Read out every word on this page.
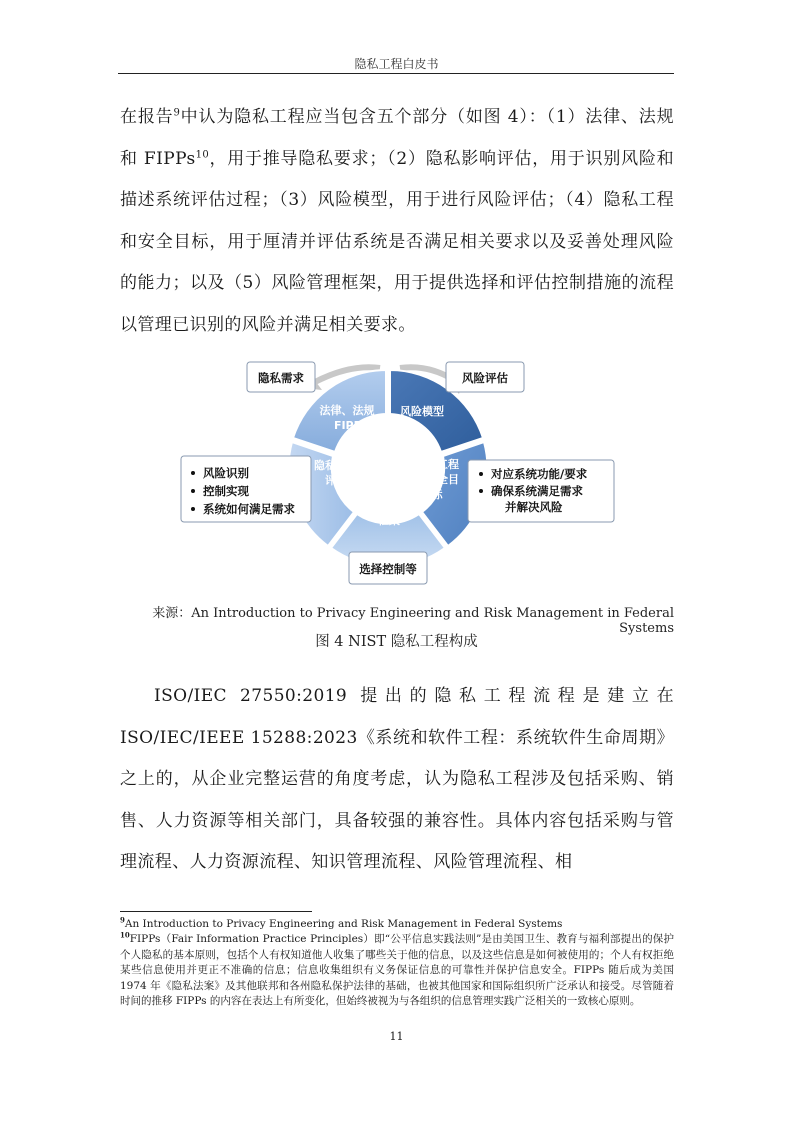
隐私工程白皮书

在报告$^9$中认为隐私工程应当包含五个部分（如图 4）：（1）法律、法规和 FIPPs$^{10}$，用于推导隐私要求；（2）隐私影响评估，用于识别风险和描述系统评估过程；（3）风险模型，用于进行风险评估；（4）隐私工程和安全目标，用于厘清并评估系统是否满足相关要求以及妥善处理风险的能力；以及（5）风险管理框架，用于提供选择和评估控制措施的流程以管理已识别的风险并满足相关要求。

法律、法规
FIPPs
风险模型
隐私工程
和安全目
标
风险管理
框架
隐私影响
评估
隐私需求	风险评估
风险识别
控制实现
系统如何满足需求
对应系统功能/要求
确保系统满足需求
并解决风险
选择控制等
来源：An Introduction to Privacy Engineering and Risk Management in Federal Systems
图 4 NIST 隐私工程构成

ISO/IEC 27550:2019 提出的隐私工程流程是建立在 ISO/IEC/IEEE 15288:2023《系统和软件工程：系统软件生命周期》之上的，从企业完整运营的角度考虑，认为隐私工程涉及包括采购、销售、人力资源等相关部门，具备较强的兼容性。具体内容包括采购与管理流程、人力资源流程、知识管理流程、风险管理流程、相

$^9$An Introduction to Privacy Engineering and Risk Management in Federal Systems

$^{10}$FIPPs（Fair Information Practice Principles）即“公平信息实践法则”是由美国卫生、教育与福利部提出的保护个人隐私的基本原则，包括个人有权知道他人收集了哪些关于他的信息，以及这些信息是如何被使用的；个人有权拒绝某些信息使用并更正不准确的信息；信息收集组织有义务保证信息的可靠性并保护信息安全。FIPPs 随后成为美国 1974 年《隐私法案》及其他联邦和各州隐私保护法律的基础，也被其他国家和国际组织所广泛承认和接受。尽管随着时间的推移 FIPPs 的内容在表达上有所变化，但始终被视为与各组织的信息管理实践广泛相关的一致核心原则。

11
